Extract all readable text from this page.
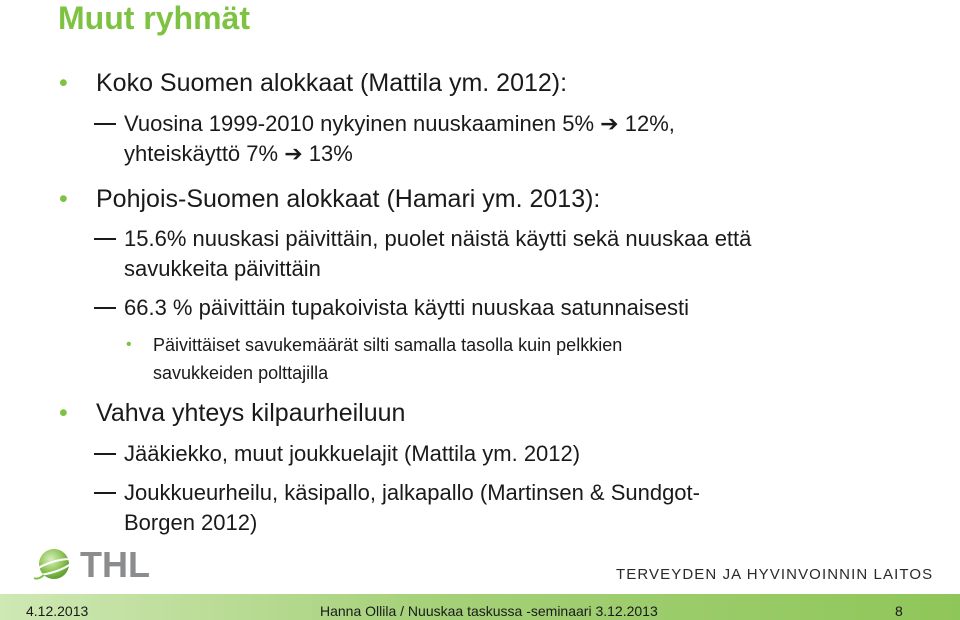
Muut ryhmät
• Koko Suomen alokkaat (Mattila ym. 2012):
Vuosina 1999-2010 nykyinen nuuskaaminen 5% ➔ 12%,
yhteiskäyttö 7% ➔ 13%
• Pohjois-Suomen alokkaat (Hamari ym. 2013):
15.6% nuuskasi päivittäin, puolet näistä käytti sekä nuuskaa että
savukkeita päivittäin
66.3 % päivittäin tupakoivista käytti nuuskaa satunnaisesti
• Päivittäiset savukemäärät silti samalla tasolla kuin pelkkien
savukkeiden polttajilla
• Vahva yhteys kilpaurheiluun
Jääkiekko, muut joukkuelajit (Mattila ym. 2012)
Joukkueurheilu, käsipallo, jalkapallo (Martinsen & Sundgot-
Borgen 2012)
THL	TERVEYDEN JA HYVINVOINNIN LAITOS
4.12.2013	Hanna Ollila / Nuuskaa taskussa -seminaari 3.12.2013	8
